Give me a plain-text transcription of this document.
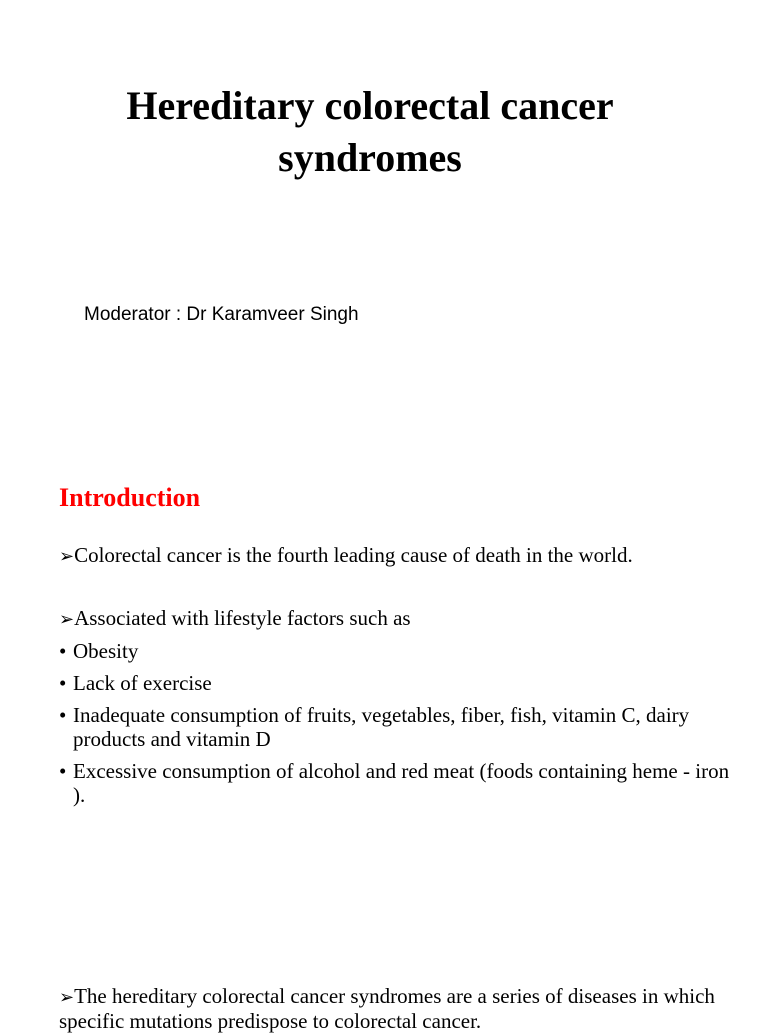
Hereditary colorectal cancer
syndromes
Moderator : Dr Karamveer Singh
Introduction
➢Colorectal cancer is the fourth leading cause of death in the world.
➢Associated with lifestyle factors such as
• Obesity
• Lack of exercise
• Inadequate consumption of fruits, vegetables, fiber, fish, vitamin C, dairy products and vitamin D
• Excessive consumption of alcohol and red meat (foods containing heme - iron ).
➢The hereditary colorectal cancer syndromes are a series of diseases in which specific mutations predispose to colorectal cancer.
